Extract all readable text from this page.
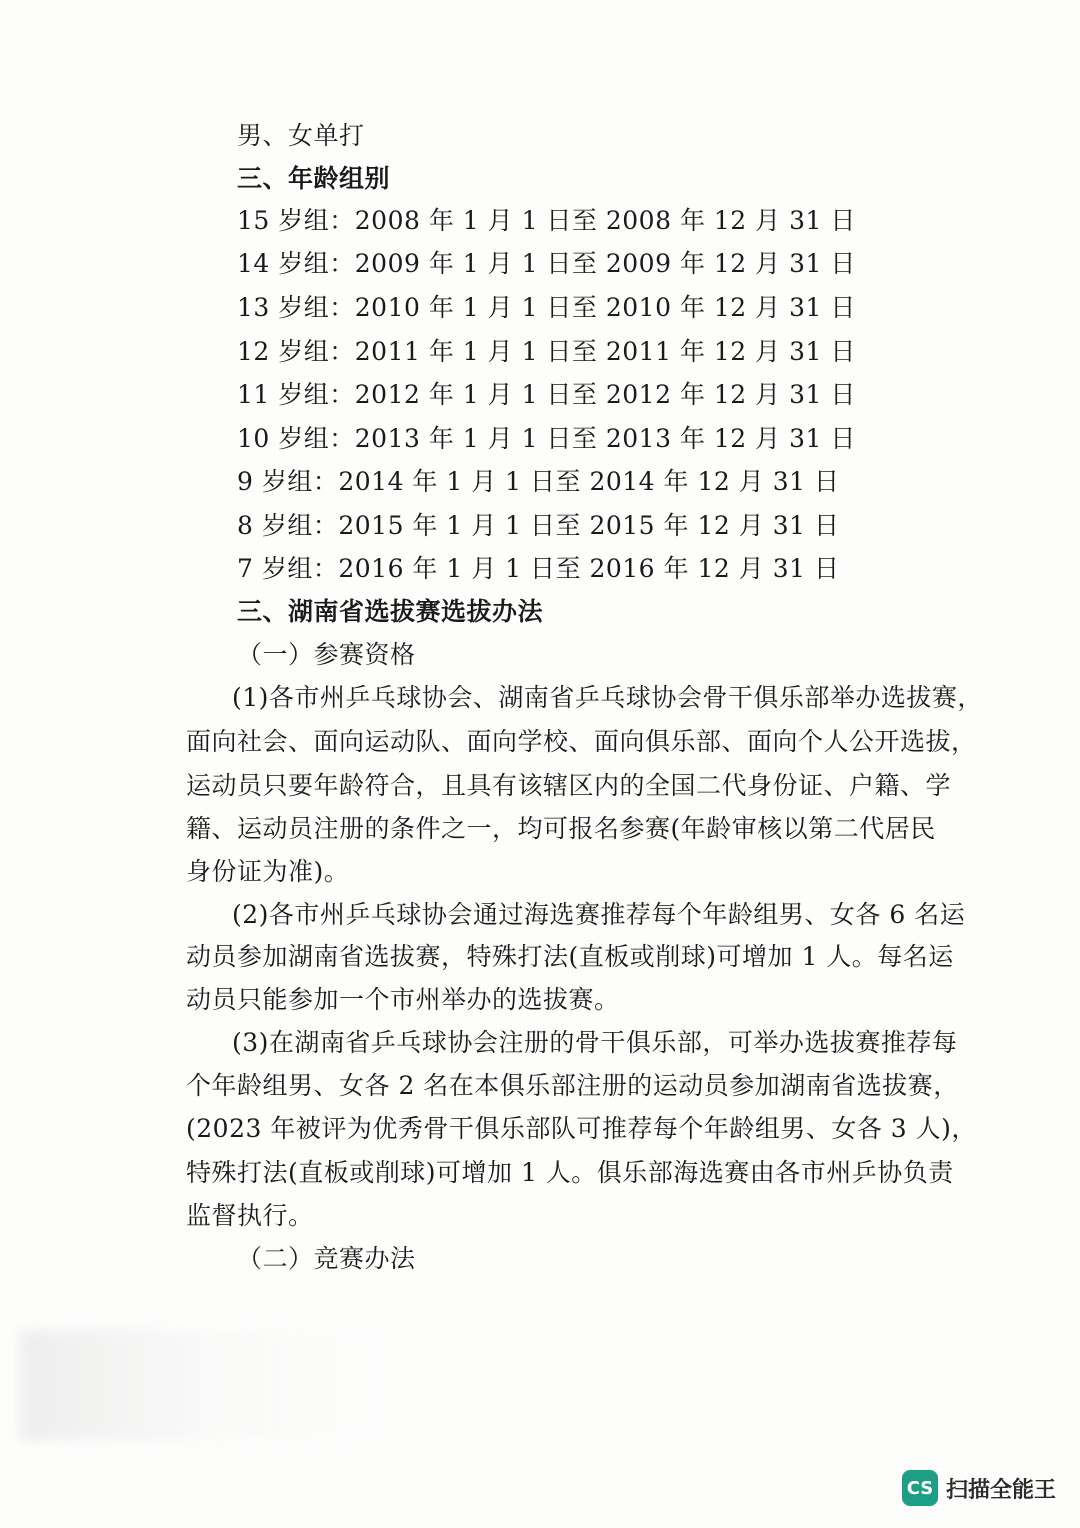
男、女单打
三、年龄组别
15 岁组：2008 年 1 月 1 日至 2008 年 12 月 31 日
14 岁组：2009 年 1 月 1 日至 2009 年 12 月 31 日
13 岁组：2010 年 1 月 1 日至 2010 年 12 月 31 日
12 岁组：2011 年 1 月 1 日至 2011 年 12 月 31 日
11 岁组：2012 年 1 月 1 日至 2012 年 12 月 31 日
10 岁组：2013 年 1 月 1 日至 2013 年 12 月 31 日
9 岁组：2014 年 1 月 1 日至 2014 年 12 月 31 日
8 岁组：2015 年 1 月 1 日至 2015 年 12 月 31 日
7 岁组：2016 年 1 月 1 日至 2016 年 12 月 31 日
三、湖南省选拔赛选拔办法
（一）参赛资格
(1)各市州乒乓球协会、湖南省乒乓球协会骨干俱乐部举办选拔赛，
面向社会、面向运动队、面向学校、面向俱乐部、面向个人公开选拔，
运动员只要年龄符合，且具有该辖区内的全国二代身份证、户籍、学
籍、运动员注册的条件之一，均可报名参赛(年龄审核以第二代居民
身份证为准)。
(2)各市州乒乓球协会通过海选赛推荐每个年龄组男、女各 6 名运
动员参加湖南省选拔赛，特殊打法(直板或削球)可增加 1 人。每名运
动员只能参加一个市州举办的选拔赛。
(3)在湖南省乒乓球协会注册的骨干俱乐部，可举办选拔赛推荐每
个年龄组男、女各 2 名在本俱乐部注册的运动员参加湖南省选拔赛，
(2023 年被评为优秀骨干俱乐部队可推荐每个年龄组男、女各 3 人)，
特殊打法(直板或削球)可增加 1 人。俱乐部海选赛由各市州乒协负责
监督执行。
（二）竞赛办法
CS 扫描全能王
